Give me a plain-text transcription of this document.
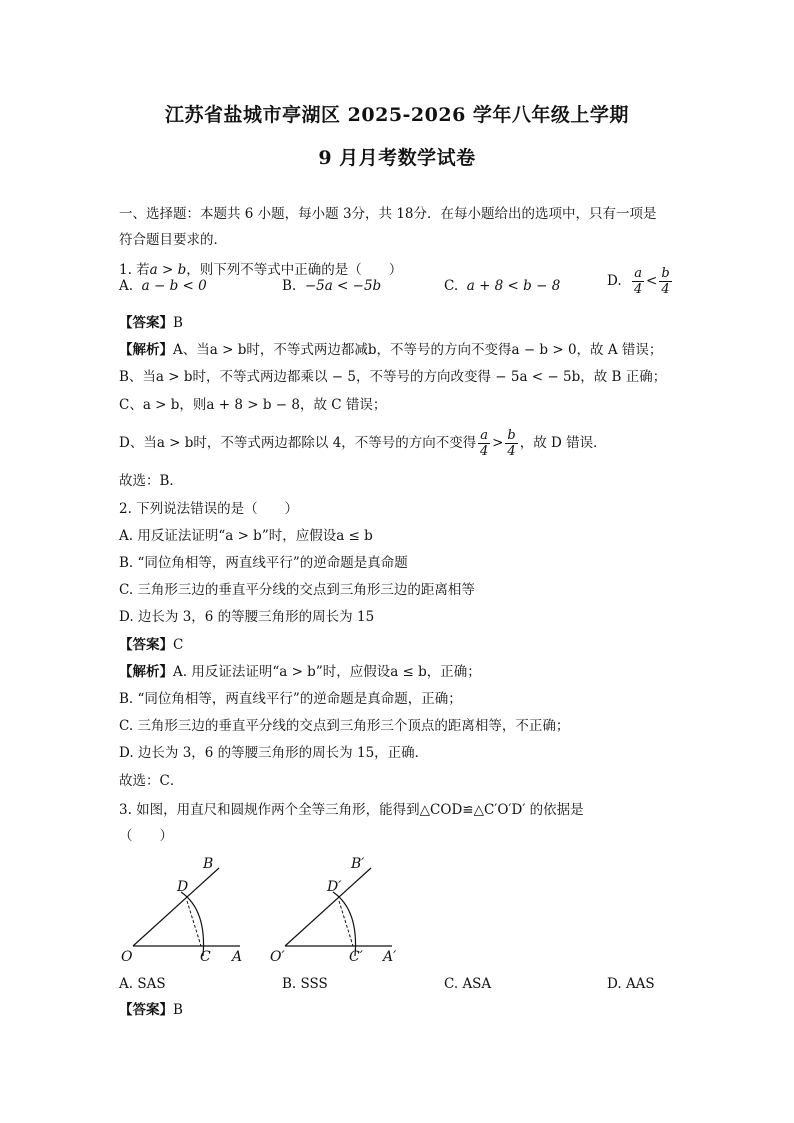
江苏省盐城市亭湖区 2025-2026 学年八年级上学期
9 月月考数学试卷
一、选择题：本题共 6 小题，每小题 3分，共 18分．在每小题给出的选项中，只有一项是
符合题目要求的．
1. 若a > b，则下列不等式中正确的是（　　）
A. a − b < 0	B. −5a < −5b	C. a + 8 < b − 8	D. $\frac{a}{4} < \frac{b}{4}$
【答案】B
【解析】A、当a > b时，不等式两边都减b，不等号的方向不变得a − b > 0，故 A 错误；
B、当a > b时，不等式两边都乘以 − 5，不等号的方向改变得 − 5a < − 5b，故 B 正确；
C、a > b，则a + 8 > b − 8，故 C 错误；
D、当a > b时，不等式两边都除以 4，不等号的方向不变得 $\frac{a}{4} > \frac{b}{4}$ ，故 D 错误．
故选：B．
2. 下列说法错误的是（　　）
A. 用反证法证明“a > b”时，应假设a ≤ b
B. “同位角相等，两直线平行”的逆命题是真命题
C. 三角形三边的垂直平分线的交点到三角形三边的距离相等
D. 边长为 3，6 的等腰三角形的周长为 15
【答案】C
【解析】A. 用反证法证明“a > b”时，应假设a ≤ b，正确；
B. “同位角相等，两直线平行”的逆命题是真命题，正确；
C. 三角形三边的垂直平分线的交点到三角形三个顶点的距离相等，不正确；
D. 边长为 3，6 的等腰三角形的周长为 15，正确．
故选：C．
3. 如图，用直尺和圆规作两个全等三角形，能得到△COD≌△C′O′D′ 的依据是
（　　）
B
D
O	C A
B′
D′
O′	C′ A′
A. SAS	B. SSS	C. ASA	D. AAS
【答案】B
